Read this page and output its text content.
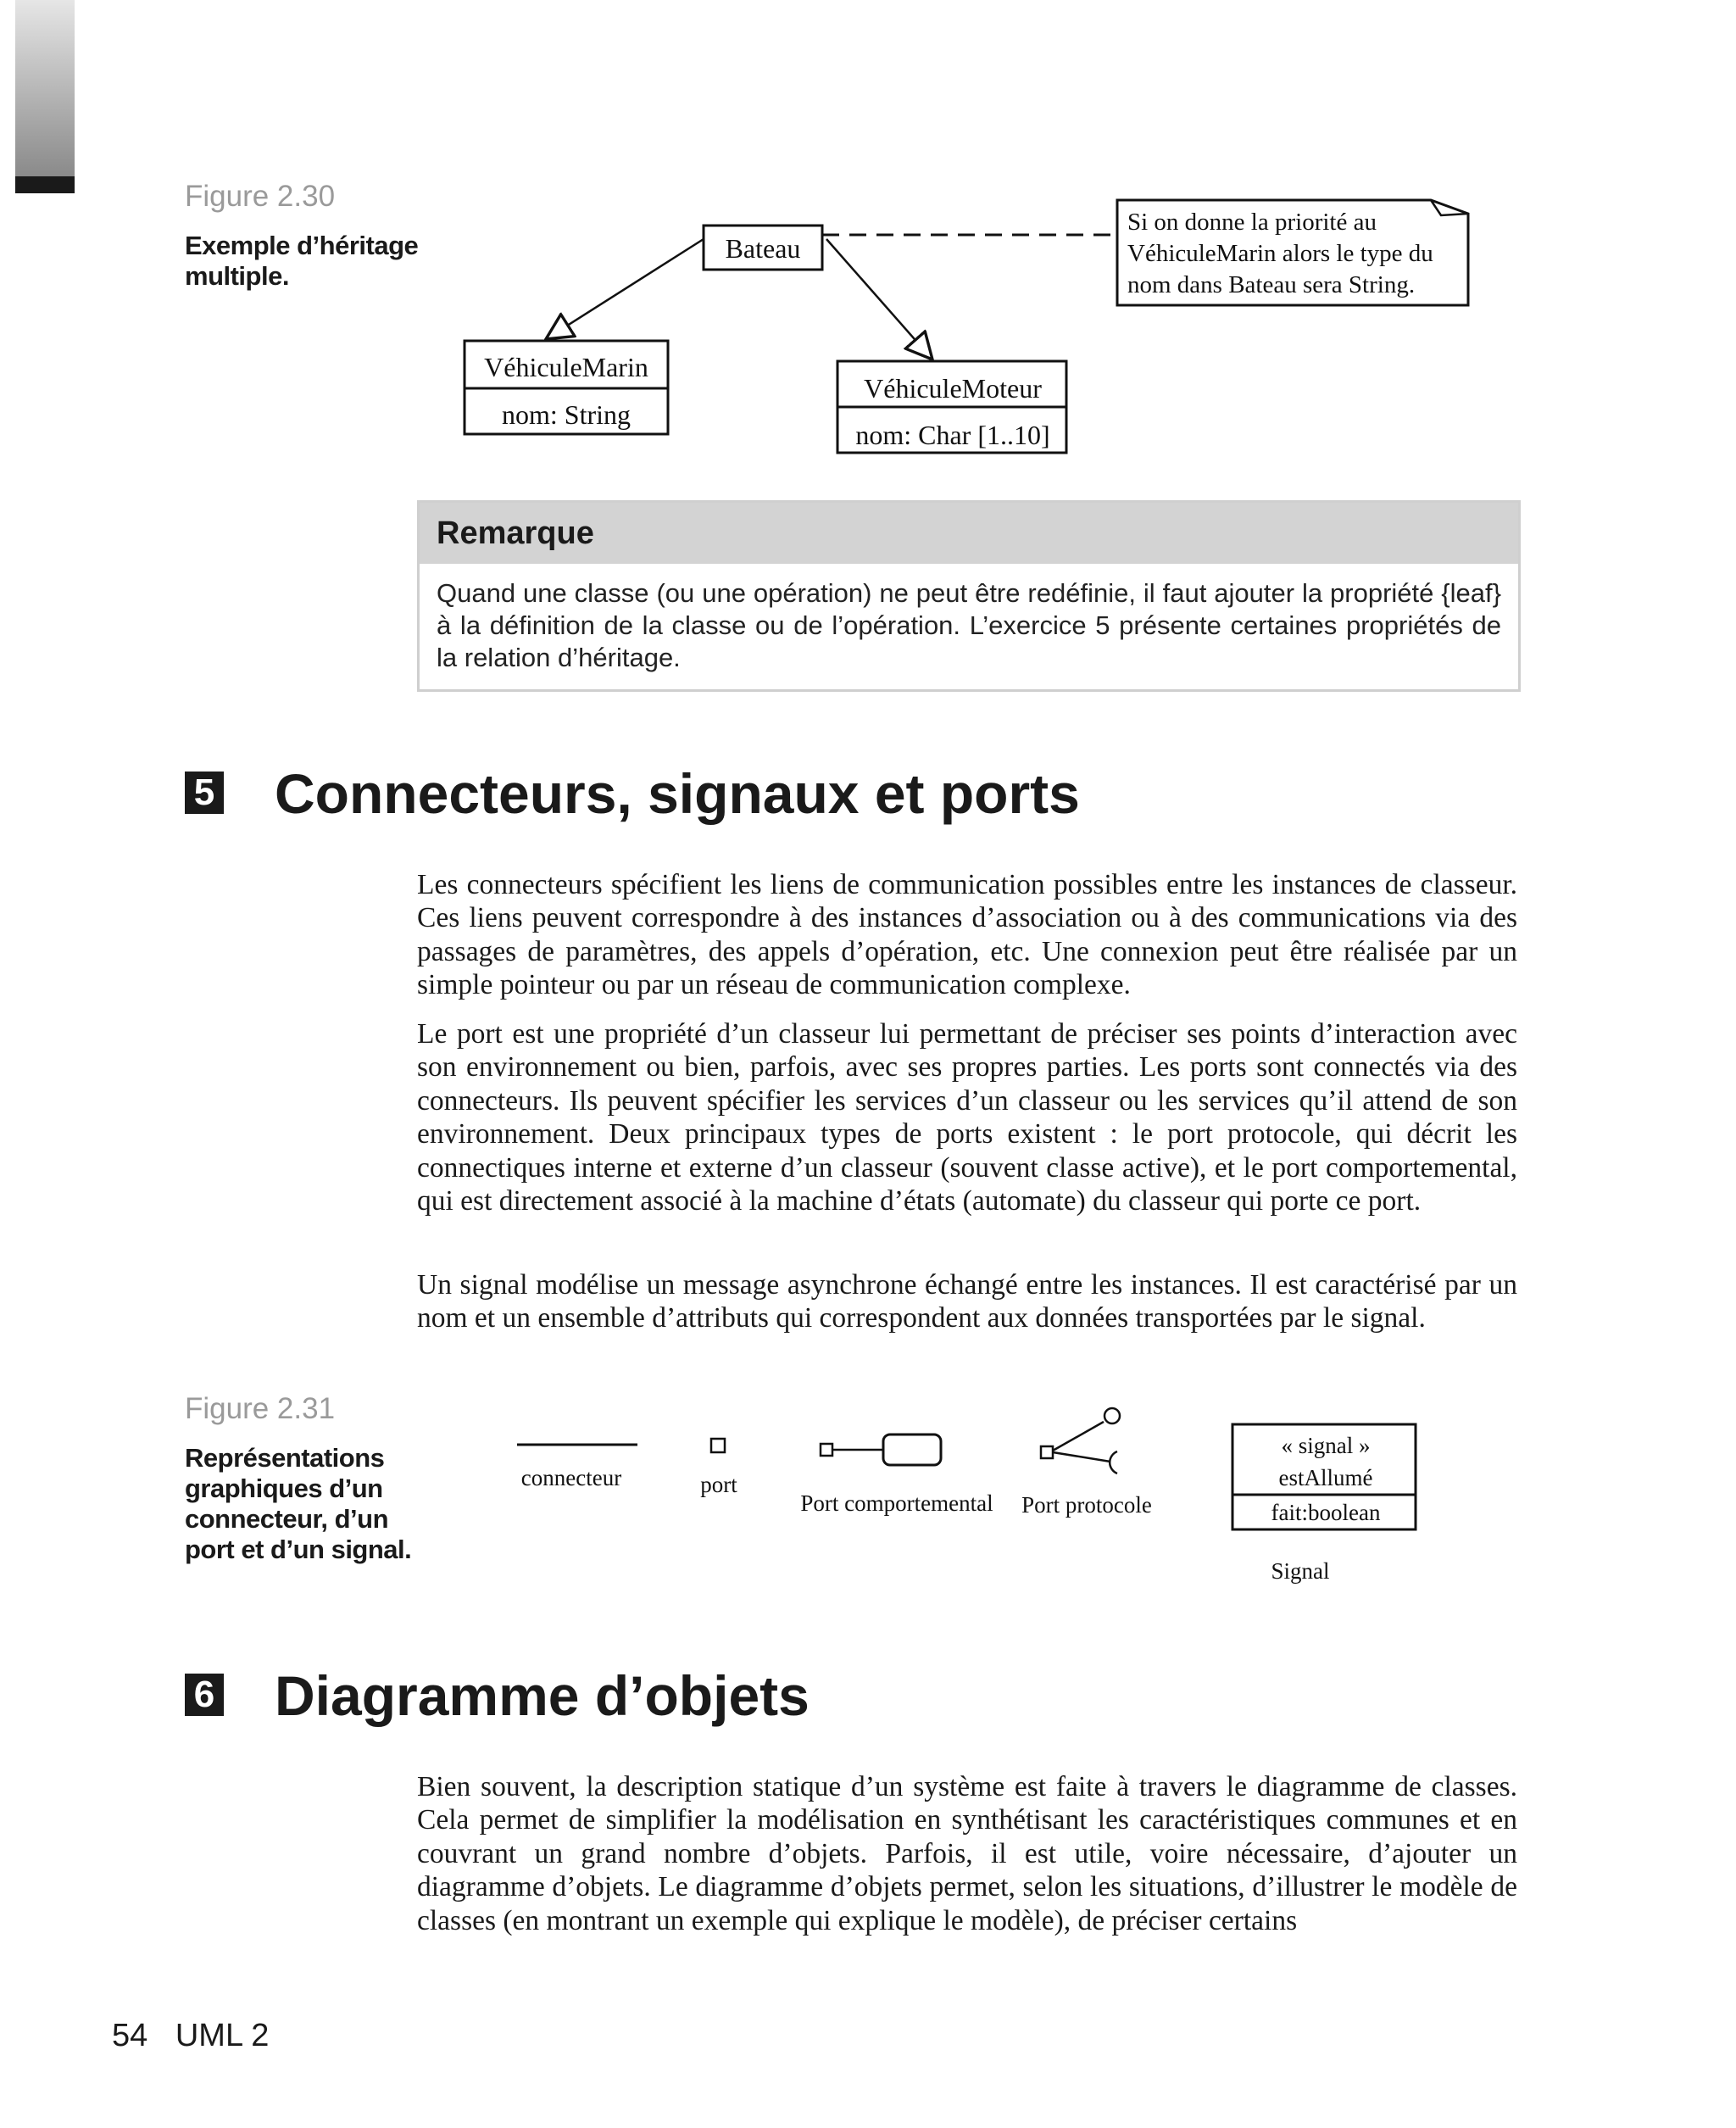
Figure 2.30
Exemple d’héritage
multiple.
Bateau
Si on donne la priorité au
VéhiculeMarin alors le type du
nom dans Bateau sera String.
VéhiculeMarin
nom: String
VéhiculeMoteur
nom: Char [1..10]
Remarque
Quand une classe (ou une opération) ne peut être redéfinie, il faut ajouter la propriété {leaf} à la définition de la classe ou de l’opération. L’exercice 5 présente certaines propriétés de la relation d’héritage.
5 Connecteurs, signaux et ports

Les connecteurs spécifient les liens de communication possibles entre les instances de classeur. Ces liens peuvent correspondre à des instances d’association ou à des communications via des passages de paramètres, des appels d’opération, etc. Une connexion peut être réalisée par un simple pointeur ou par un réseau de communication complexe.

Le port est une propriété d’un classeur lui permettant de préciser ses points d’interaction avec son environnement ou bien, parfois, avec ses propres parties. Les ports sont connectés via des connecteurs. Ils peuvent spécifier les services d’un classeur ou les services qu’il attend de son environnement. Deux principaux types de ports existent : le port protocole, qui décrit les connectiques interne et externe d’un classeur (souvent classe active), et le port comportemental, qui est directement associé à la machine d’états (automate) du classeur qui porte ce port.

Un signal modélise un message asynchrone échangé entre les instances. Il est caractérisé par un nom et un ensemble d’attributs qui correspondent aux données transportées par le signal.

Figure 2.31
Représentations
graphiques d’un
connecteur, d’un
port et d’un signal.
connecteur	port
Port comportemental Port protocole
« signal »
estAllumé
fait:boolean
Signal
6 Diagramme d’objets

Bien souvent, la description statique d’un système est faite à travers le diagramme de classes. Cela permet de simplifier la modélisation en synthétisant les caractéristiques communes et en couvrant un grand nombre d’objets. Parfois, il est utile, voire nécessaire, d’ajouter un diagramme d’objets. Le diagramme d’objets permet, selon les situations, d’illustrer le modèle de classes (en montrant un exemple qui explique le modèle), de préciser certains

54 UML 2
